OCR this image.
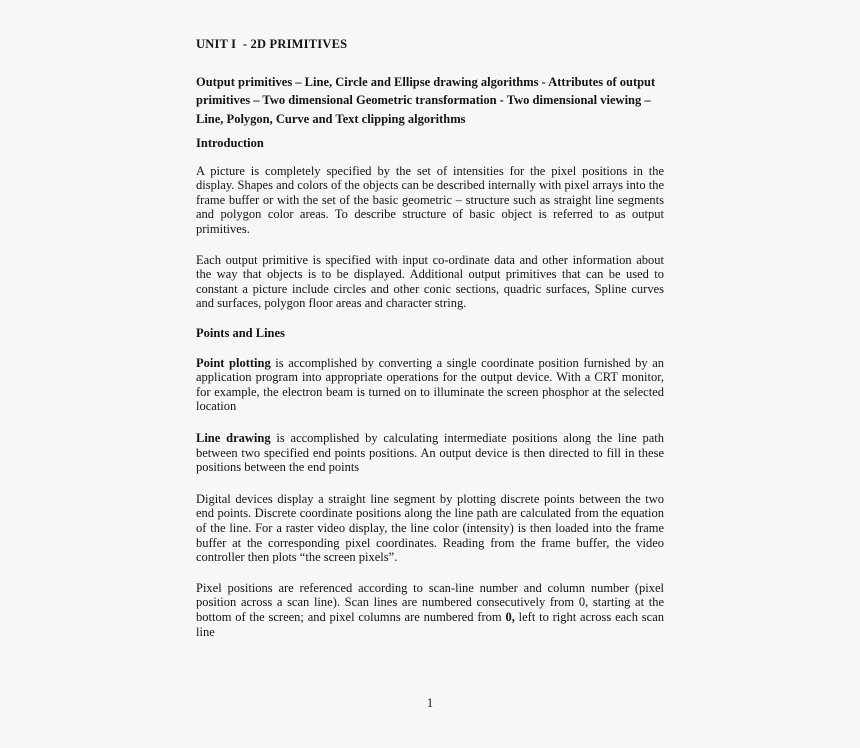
UNIT I  - 2D PRIMITIVES

Output primitives – Line, Circle and Ellipse drawing algorithms - Attributes of output primitives – Two dimensional Geometric transformation - Two dimensional viewing – Line, Polygon, Curve and Text clipping algorithms

Introduction

A picture is completely specified by the set of intensities for the pixel positions in the display. Shapes and colors of the objects can be described internally with pixel arrays into the frame buffer or with the set of the basic geometric – structure such as straight line segments and polygon color areas. To describe structure of basic object is referred to as output primitives.

Each output primitive is specified with input co-ordinate data and other information about the way that objects is to be displayed. Additional output primitives that can be used to constant a picture include circles and other conic sections, quadric surfaces, Spline curves and surfaces, polygon floor areas and character string.

Points and Lines

Point plotting is accomplished by converting a single coordinate position furnished by an application program into appropriate operations for the output device. With a CRT monitor, for example, the electron beam is turned on to illuminate the screen phosphor at the selected location

Line drawing is accomplished by calculating intermediate positions along the line path between two specified end points positions. An output device is then directed to fill in these positions between the end points

Digital devices display a straight line segment by plotting discrete points between the two end points. Discrete coordinate positions along the line path are calculated from the equation of the line. For a raster video display, the line color (intensity) is then loaded into the frame buffer at the corresponding pixel coordinates. Reading from the frame buffer, the video controller then plots “the screen pixels”.

Pixel positions are referenced according to scan-line number and column number (pixel position across a scan line). Scan lines are numbered consecutively from 0, starting at the bottom of the screen; and pixel columns are numbered from 0, left to right across each scan line

1
